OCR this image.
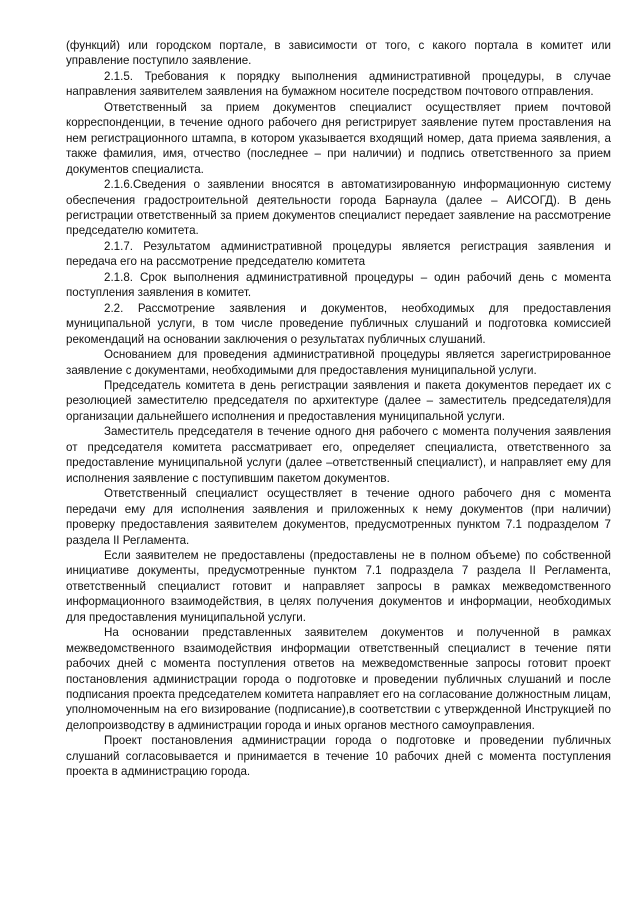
(функций) или городском портале, в зависимости от того, с какого портала в комитет или управление поступило заявление.

2.1.5. Требования к порядку выполнения административной процедуры, в случае направления заявителем заявления на бумажном носителе посредством почтового отправления.

Ответственный за прием документов специалист осуществляет прием почтовой корреспонденции, в течение одного рабочего дня регистрирует заявление путем проставления на нем регистрационного штампа, в котором указывается входящий номер, дата приема заявления, а также фамилия, имя, отчество (последнее – при наличии) и подпись ответственного за прием документов специалиста.

2.1.6.Сведения о заявлении вносятся в автоматизированную информационную систему обеспечения градостроительной деятельности города Барнаула (далее – АИСОГД). В день регистрации ответственный за прием документов специалист передает заявление на рассмотрение председателю комитета.

2.1.7. Результатом административной процедуры является регистрация заявления и передача его на рассмотрение председателю комитета

2.1.8. Срок выполнения административной процедуры – один рабочий день с момента поступления заявления в комитет.

2.2. Рассмотрение заявления и документов, необходимых для предоставления муниципальной услуги, в том числе проведение публичных слушаний и подготовка комиссией рекомендаций на основании заключения о результатах публичных слушаний.

Основанием для проведения административной процедуры является зарегистрированное заявление с документами, необходимыми для предоставления муниципальной услуги.

Председатель комитета в день регистрации заявления и пакета документов передает их с резолюцией заместителю председателя по архитектуре (далее – заместитель председателя)для организации дальнейшего исполнения и предоставления муниципальной услуги.

Заместитель председателя в течение одного дня рабочего с момента получения заявления от председателя комитета рассматривает его, определяет специалиста, ответственного за предоставление муниципальной услуги (далее –ответственный специалист), и направляет ему для исполнения заявление с поступившим пакетом документов.

Ответственный специалист осуществляет в течение одного рабочего дня с момента передачи ему для исполнения заявления и приложенных к нему документов (при наличии) проверку предоставления заявителем документов, предусмотренных пунктом 7.1 подразделом 7 раздела II Регламента.

Если заявителем не предоставлены (предоставлены не в полном объеме) по собственной инициативе документы, предусмотренные пунктом 7.1 подраздела 7 раздела II Регламента, ответственный специалист готовит и направляет запросы в рамках межведомственного информационного взаимодействия, в целях получения документов и информации, необходимых для предоставления муниципальной услуги.

На основании представленных заявителем документов и полученной в рамках межведомственного взаимодействия информации ответственный специалист в течение пяти рабочих дней с момента поступления ответов на межведомственные запросы готовит проект постановления администрации города о подготовке и проведении публичных слушаний и после подписания проекта председателем комитета направляет его на согласование должностным лицам, уполномоченным на его визирование (подписание),в соответствии с утвержденной Инструкцией по делопроизводству в администрации города и иных органов местного самоуправления.

Проект постановления администрации города о подготовке и проведении публичных слушаний согласовывается и принимается в течение 10 рабочих дней с момента поступления проекта в администрацию города.
